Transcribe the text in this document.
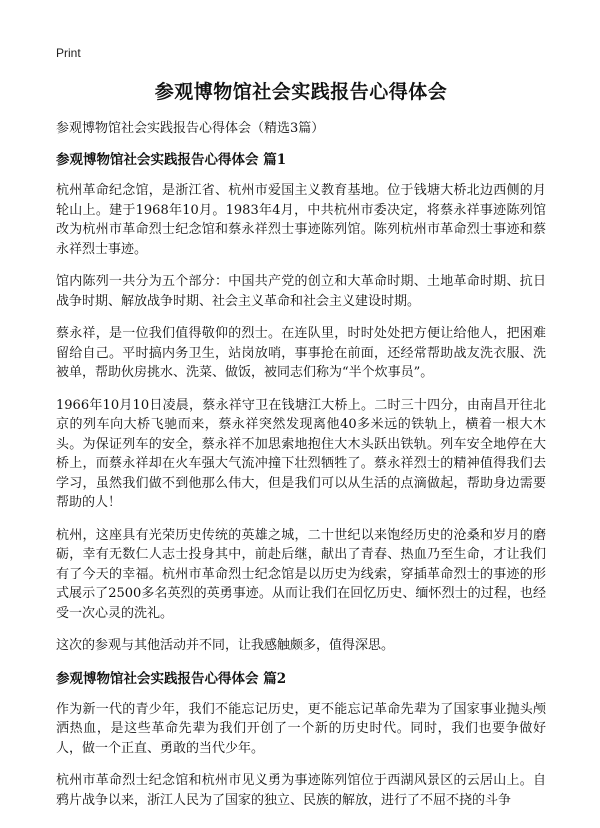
Print
参观博物馆社会实践报告心得体会
参观博物馆社会实践报告心得体会（精选3篇）
参观博物馆社会实践报告心得体会 篇1

杭州革命纪念馆，是浙江省、杭州市爱国主义教育基地。位于钱塘大桥北边西侧的月轮山上。建于1968年10月。1983年4月，中共杭州市委决定，将蔡永祥事迹陈列馆改为杭州市革命烈士纪念馆和蔡永祥烈士事迹陈列馆。陈列杭州市革命烈士事迹和蔡永祥烈士事迹。

馆内陈列一共分为五个部分：中国共产党的创立和大革命时期、土地革命时期、抗日战争时期、解放战争时期、社会主义革命和社会主义建设时期。

蔡永祥，是一位我们值得敬仰的烈士。在连队里，时时处处把方便让给他人，把困难留给自己。平时搞内务卫生，站岗放哨，事事抢在前面，还经常帮助战友洗衣服、洗被单，帮助伙房挑水、洗菜、做饭，被同志们称为“半个炊事员”。

1966年10月10日凌晨，蔡永祥守卫在钱塘江大桥上。二时三十四分，由南昌开往北京的列车向大桥飞驰而来，蔡永祥突然发现离他40多米远的铁轨上，横着一根大木头。为保证列车的安全，蔡永祥不加思索地抱住大木头跃出铁轨。列车安全地停在大桥上，而蔡永祥却在火车强大气流冲撞下壮烈牺牲了。蔡永祥烈士的精神值得我们去学习，虽然我们做不到他那么伟大，但是我们可以从生活的点滴做起，帮助身边需要帮助的人！

杭州，这座具有光荣历史传统的英雄之城，二十世纪以来饱经历史的沧桑和岁月的磨砺，幸有无数仁人志士投身其中，前赴后继，献出了青春、热血乃至生命，才让我们有了今天的幸福。杭州市革命烈士纪念馆是以历史为线索，穿插革命烈士的事迹的形式展示了2500多名英烈的英勇事迹。从而让我们在回忆历史、缅怀烈士的过程，也经受一次心灵的洗礼。

这次的参观与其他活动并不同，让我感触颇多，值得深思。

参观博物馆社会实践报告心得体会 篇2

作为新一代的青少年，我们不能忘记历史，更不能忘记革命先辈为了国家事业抛头颅洒热血，是这些革命先辈为我们开创了一个新的历史时代。同时，我们也要争做好人，做一个正直、勇敢的当代少年。

杭州市革命烈士纪念馆和杭州市见义勇为事迹陈列馆位于西湖风景区的云居山上。自鸦片战争以来，浙江人民为了国家的独立、民族的解放，进行了不屈不挠的斗争
